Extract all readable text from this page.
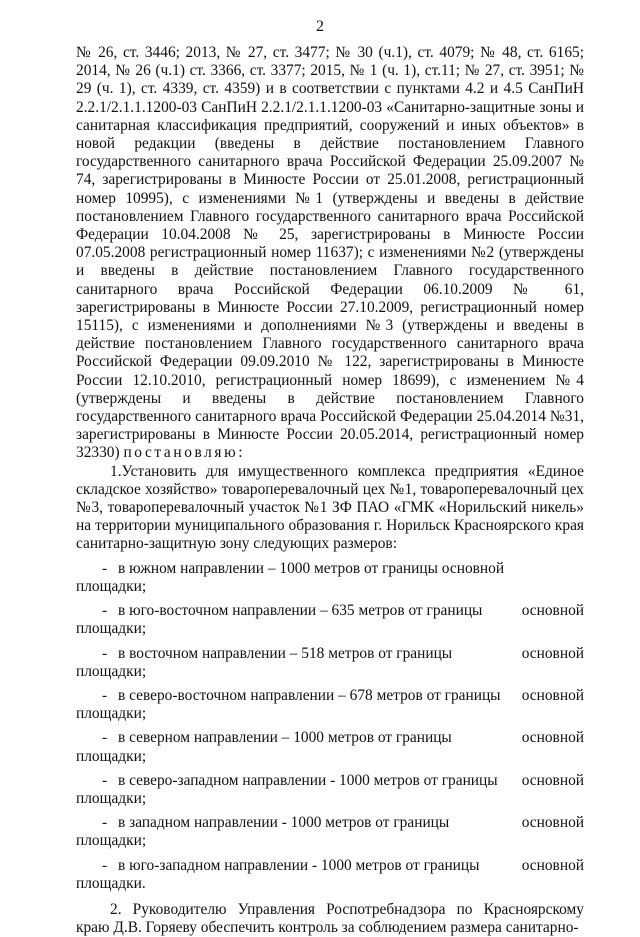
2

№ 26, ст. 3446; 2013, № 27, ст. 3477; № 30 (ч.1), ст. 4079; № 48, ст. 6165; 2014, № 26 (ч.1) ст. 3366, ст. 3377; 2015, № 1 (ч. 1), ст.11; № 27, ст. 3951; № 29 (ч. 1), ст. 4339, ст. 4359) и в соответствии с пунктами 4.2 и 4.5 СанПиН 2.2.1/2.1.1.1200-03 СанПиН 2.2.1/2.1.1.1200-03 «Санитарно-защитные зоны и санитарная классификация предприятий, сооружений и иных объектов» в новой редакции (введены в действие постановлением Главного государственного санитарного врача Российской Федерации 25.09.2007 № 74, зарегистрированы в Минюсте России от 25.01.2008, регистрационный номер 10995), с изменениями №1 (утверждены и введены в действие постановлением Главного государственного санитарного врача Российской Федерации 10.04.2008 № 25, зарегистрированы в Минюсте России 07.05.2008 регистрационный номер 11637); с изменениями №2 (утверждены и введены в действие постановлением Главного государственного санитарного врача Российской Федерации 06.10.2009 № 61, зарегистрированы в Минюсте России 27.10.2009, регистрационный номер 15115), с изменениями и дополнениями №3 (утверждены и введены в действие постановлением Главного государственного санитарного врача Российской Федерации 09.09.2010 № 122, зарегистрированы в Минюсте России 12.10.2010, регистрационный номер 18699), с изменением №4 (утверждены и введены в действие постановлением Главного государственного санитарного врача Российской Федерации 25.04.2014 №31, зарегистрированы в Минюсте России 20.05.2014, регистрационный номер 32330) постановляю:

1.Установить для имущественного комплекса предприятия «Единое складское хозяйство» товароперевалочный цех №1, товароперевалочный цех №3, товароперевалочный участок №1 ЗФ ПАО «ГМК «Норильский никель» на территории муниципального образования г. Норильск Красноярского края санитарно-защитную зону следующих размеров:

- в южном направлении – 1000 метров от границы основной
площадки;
- в юго-восточном направлении – 635 метров от границы	основной
площадки;
- в восточном направлении – 518 метров от границы	основной
площадки;
- в северо-восточном направлении – 678 метров от границы	основной
площадки;
- в северном направлении – 1000 метров от границы	основной
площадки;
- в северо-западном направлении - 1000 метров от границы	основной
площадки;
- в западном направлении - 1000 метров от границы	основной
площадки;
- в юго-западном направлении - 1000 метров от границы	основной
площадки.

2. Руководителю Управления Роспотребнадзора по Красноярскому краю Д.В. Горяеву обеспечить контроль за соблюдением размера санитарно-
